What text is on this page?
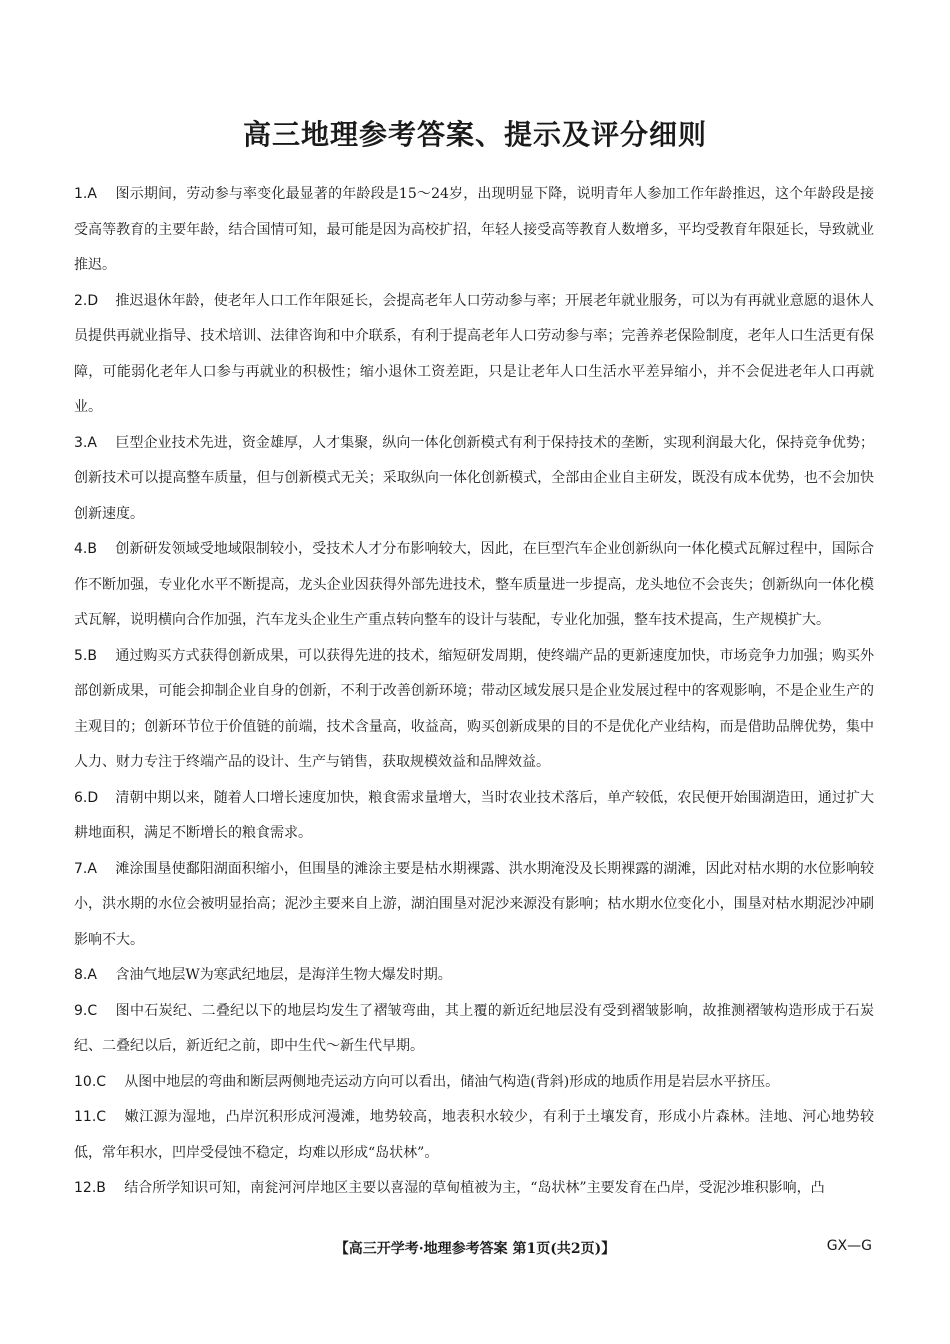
高三地理参考答案、提示及评分细则

1.A 图示期间，劳动参与率变化最显著的年龄段是15～24岁，出现明显下降，说明青年人参加工作年龄推迟，这个年龄段是接受高等教育的主要年龄，结合国情可知，最可能是因为高校扩招，年轻人接受高等教育人数增多，平均受教育年限延长，导致就业推迟。

2.D 推迟退休年龄，使老年人口工作年限延长，会提高老年人口劳动参与率；开展老年就业服务，可以为有再就业意愿的退休人员提供再就业指导、技术培训、法律咨询和中介联系，有利于提高老年人口劳动参与率；完善养老保险制度，老年人口生活更有保障，可能弱化老年人口参与再就业的积极性；缩小退休工资差距，只是让老年人口生活水平差异缩小，并不会促进老年人口再就业。

3.A 巨型企业技术先进，资金雄厚，人才集聚，纵向一体化创新模式有利于保持技术的垄断，实现利润最大化，保持竞争优势；创新技术可以提高整车质量，但与创新模式无关；采取纵向一体化创新模式，全部由企业自主研发，既没有成本优势，也不会加快创新速度。

4.B 创新研发领域受地域限制较小，受技术人才分布影响较大，因此，在巨型汽车企业创新纵向一体化模式瓦解过程中，国际合作不断加强，专业化水平不断提高，龙头企业因获得外部先进技术，整车质量进一步提高，龙头地位不会丧失；创新纵向一体化模式瓦解，说明横向合作加强，汽车龙头企业生产重点转向整车的设计与装配，专业化加强，整车技术提高，生产规模扩大。

5.B 通过购买方式获得创新成果，可以获得先进的技术，缩短研发周期，使终端产品的更新速度加快，市场竞争力加强；购买外部创新成果，可能会抑制企业自身的创新，不利于改善创新环境；带动区域发展只是企业发展过程中的客观影响，不是企业生产的主观目的；创新环节位于价值链的前端，技术含量高，收益高，购买创新成果的目的不是优化产业结构，而是借助品牌优势，集中人力、财力专注于终端产品的设计、生产与销售，获取规模效益和品牌效益。

6.D 清朝中期以来，随着人口增长速度加快，粮食需求量增大，当时农业技术落后，单产较低，农民便开始围湖造田，通过扩大耕地面积，满足不断增长的粮食需求。

7.A 滩涂围垦使鄱阳湖面积缩小，但围垦的滩涂主要是枯水期裸露、洪水期淹没及长期裸露的湖滩，因此对枯水期的水位影响较小，洪水期的水位会被明显抬高；泥沙主要来自上游，湖泊围垦对泥沙来源没有影响；枯水期水位变化小，围垦对枯水期泥沙冲刷影响不大。

8.A 含油气地层W为寒武纪地层，是海洋生物大爆发时期。

9.C 图中石炭纪、二叠纪以下的地层均发生了褶皱弯曲，其上覆的新近纪地层没有受到褶皱影响，故推测褶皱构造形成于石炭纪、二叠纪以后，新近纪之前，即中生代～新生代早期。

10.C 从图中地层的弯曲和断层两侧地壳运动方向可以看出，储油气构造(背斜)形成的地质作用是岩层水平挤压。

11.C 嫩江源为湿地，凸岸沉积形成河漫滩，地势较高，地表积水较少，有利于土壤发育，形成小片森林。洼地、河心地势较低，常年积水，凹岸受侵蚀不稳定，均难以形成“岛状林”。

12.B 结合所学知识可知，南瓮河河岸地区主要以喜湿的草甸植被为主，“岛状林”主要发育在凸岸，受泥沙堆积影响，凸

【高三开学考·地理参考答案 第1页(共2页)】	GX—G
